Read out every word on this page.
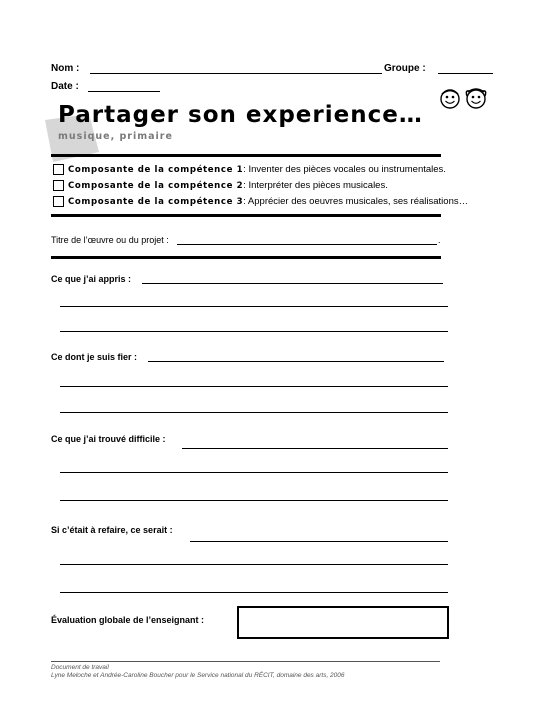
Nom :	Groupe :
Date :
Partager son experience…
musique, primaire
Composante de la compétence 1: Inventer des pièces vocales ou instrumentales.
Composante de la compétence 2: Interpréter des pièces musicales.
Composante de la compétence 3: Apprécier des oeuvres musicales, ses réalisations…
Titre de l’œuvre ou du projet :	.
Ce que j’ai appris :
Ce dont je suis fier :
Ce que j’ai trouvé difficile :
Si c’était à refaire, ce serait :
Évaluation globale de l’enseignant :
Document de travail
Lyne Meloche et Andrée-Caroline Boucher pour le Service national du RÉCIT, domaine des arts, 2006
